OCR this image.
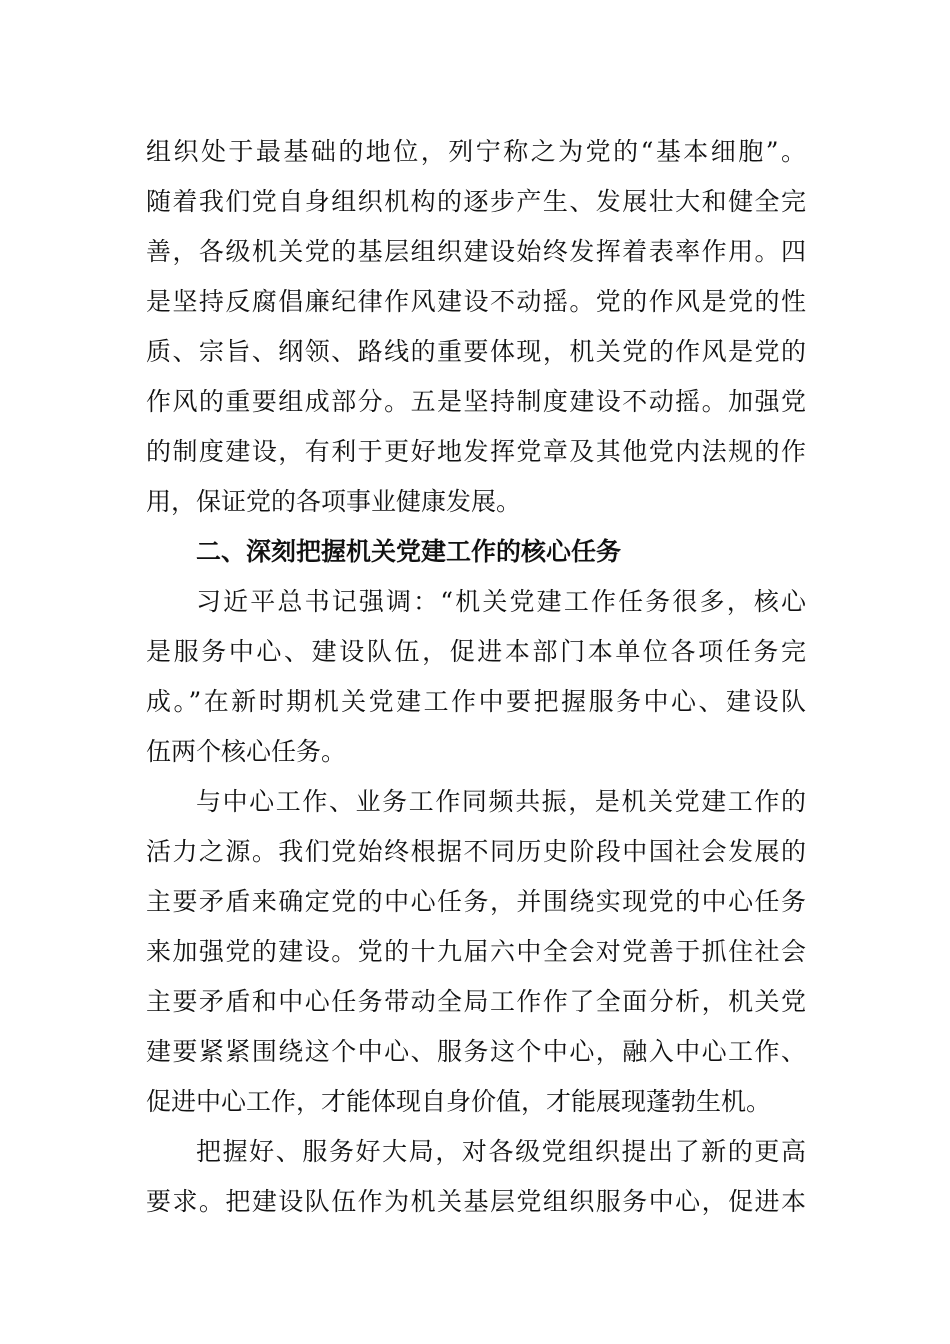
组织处于最基础的地位，列宁称之为党的“基本细胞”。
随着我们党自身组织机构的逐步产生、发展壮大和健全完
善，各级机关党的基层组织建设始终发挥着表率作用。四
是坚持反腐倡廉纪律作风建设不动摇。党的作风是党的性
质、宗旨、纲领、路线的重要体现，机关党的作风是党的
作风的重要组成部分。五是坚持制度建设不动摇。加强党
的制度建设，有利于更好地发挥党章及其他党内法规的作
用，保证党的各项事业健康发展。
二、深刻把握机关党建工作的核心任务
习近平总书记强调：“机关党建工作任务很多，核心
是服务中心、建设队伍，促进本部门本单位各项任务完
成。”在新时期机关党建工作中要把握服务中心、建设队
伍两个核心任务。
与中心工作、业务工作同频共振，是机关党建工作的
活力之源。我们党始终根据不同历史阶段中国社会发展的
主要矛盾来确定党的中心任务，并围绕实现党的中心任务
来加强党的建设。党的十九届六中全会对党善于抓住社会
主要矛盾和中心任务带动全局工作作了全面分析，机关党
建要紧紧围绕这个中心、服务这个中心，融入中心工作、
促进中心工作，才能体现自身价值，才能展现蓬勃生机。
把握好、服务好大局，对各级党组织提出了新的更高
要求。把建设队伍作为机关基层党组织服务中心，促进本
